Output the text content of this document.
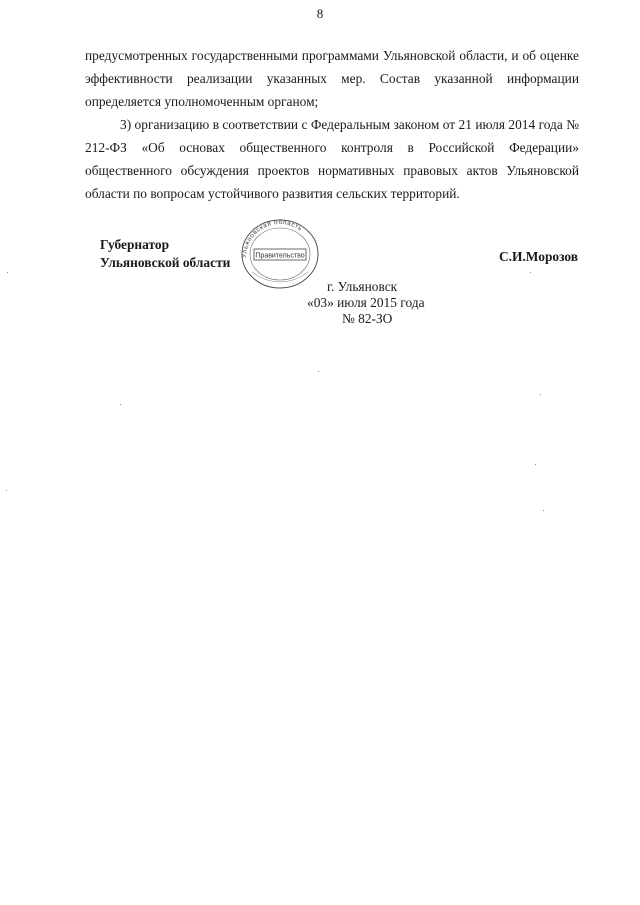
8
предусмотренных государственными программами Ульяновской области, и об оценке эффективности реализации указанных мер. Состав указанной информации определяется уполномоченным органом;
3) организацию в соответствии с Федеральным законом от 21 июля 2014 года № 212-ФЗ «Об основах общественного контроля в Российской Федерации» общественного обсуждения проектов нормативных правовых актов Ульяновской области по вопросам устойчивого развития сельских территорий.
Губернатор
Ульяновской области	С.И.Морозов
Ульяновская область
Правительство
г. Ульяновск
«03» июля 2015 года
№ 82-ЗО
